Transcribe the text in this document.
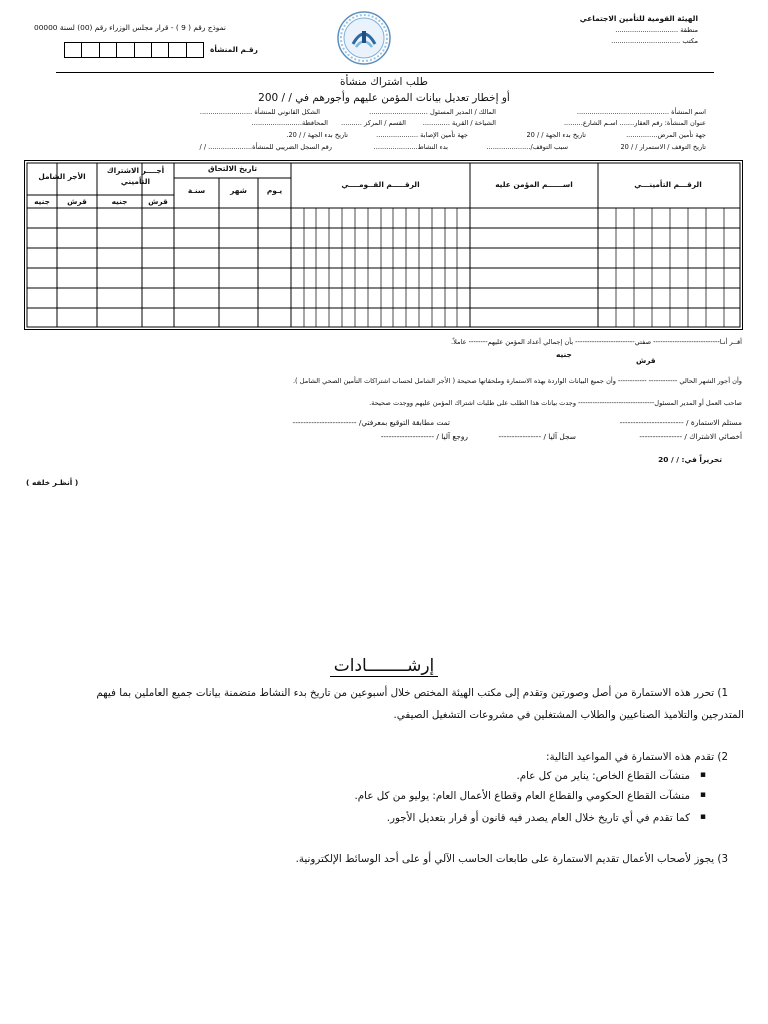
الهيئة القومية للتأمين الاجتماعي
منطقة ..............................
مكتب .................................
نموذج رقم ( 9 ) - قرار مجلس الوزراء رقم (00) لسنة 00000
رقـم المنشأة
طلب اشتراك منشأة
أو إخطار تعديل بيانات المؤمن عليهم وأجورهم في / / 200
اسم المنشأة ............................................
المالك / المدير المسئول ............................
الشكل القانوني للمنشأة .........................
عنوان المنشأة: رقم العقار....... اسـم الشارع.........
الشياخة / القرية .............
القسم / المركز ..........
المحافظة........................
جهة تأمين المرض...............
تاريخ بدء الجهة / / 20
جهة تأمين الإصابة ....................
تاريخ بدء الجهة / / 20.
تاريخ التوقف / الاستمرار / / 20
سبب التوقف/.....................
بدء النشاط.....................
رقم السجل الضريبي للمنشأة..................... / /
الرقـــم التأمينـــي
اســــــم المؤمن عليه
الرقـــــم القــومــــي
تاريخ الالتحاق
يـوم
شهر
سنـة
أجــــر الاشتراك التأميني
الأجر الشامل
جنيه	قرش
جنيه	قرش
أقــر أنـا---------------------------- صفتي------------------------- بأن إجمالي أعداد المؤمن عليهم-------- عاملاً.
جنيه
قرش
وأن أجور الشهر الحالي ------------ ------------ وأن جميع البيانات الواردة بهذه الاستمارة وملحقاتها صحيحة ( الأجر الشامل لحساب اشتراكات التأمين الصحي الشامل ).
صاحب العمل أو المدير المسئول-------------------------------- وجدت بيانات هذا الطلب على طلبات اشتراك المؤمن عليهم ووجدت صحيحة.
مستلم الاستمارة / ------------------------
تمت مطابقة التوقيع بمعرفتي/ ------------------------
أخصائي الاشتراك / ----------------
سجل آليا / ----------------
روجع آليا / --------------------
تحريراً في: / / 20
( أنظـر خلفه )
إرشــــــــادات
1) تحرر هذه الاستمارة من أصل وصورتين وتقدم إلى مكتب الهيئة المختص خلال أسبوعين من تاريخ بدء النشاط متضمنة بيانات جميع العاملين بما فيهم
المتدرجين والتلاميذ الصناعيين والطلاب المشتغلين في مشروعات التشغيل الصيفي.
2) تقدم هذه الاستمارة في المواعيد التالية:
▪ منشآت القطاع الخاص: يناير من كل عام.
▪ منشآت القطاع الحكومي والقطاع العام وقطاع الأعمال العام: يوليو من كل عام.
▪ كما تقدم في أي تاريخ خلال العام يصدر فيه قانون أو قرار بتعديل الأجور.
3) يجوز لأصحاب الأعمال تقديم الاستمارة على طابعات الحاسب الآلي أو على أحد الوسائط الإلكترونية.
